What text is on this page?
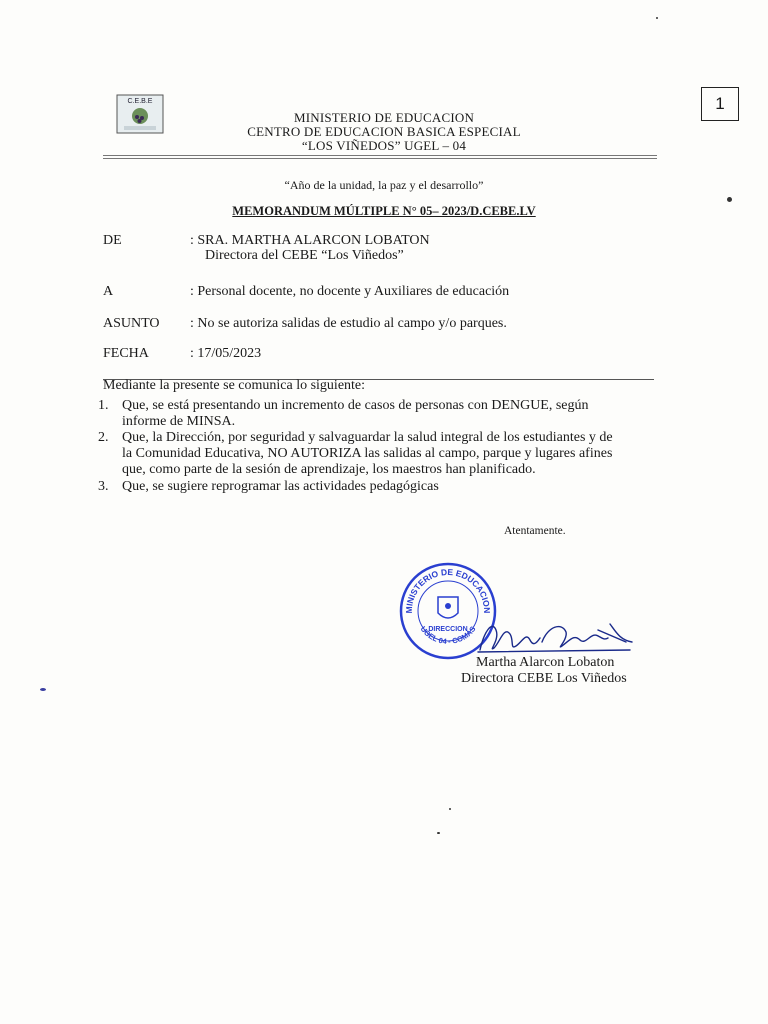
1
C.E.B.E
MINISTERIO DE EDUCACION
CENTRO DE EDUCACION BASICA ESPECIAL
“LOS VIÑEDOS” UGEL – 04
“Año de la unidad, la paz y el desarrollo”
MEMORANDUM MÚLTIPLE N° 05– 2023/D.CEBE.LV
DE	: SRA. MARTHA ALARCON LOBATON
Directora del CEBE “Los Viñedos”
A	: Personal docente, no docente y Auxiliares de educación
ASUNTO : No se autoriza salidas de estudio al campo y/o parques.
FECHA	: 17/05/2023
Mediante la presente se comunica lo siguiente:
1. Que, se está presentando un incremento de casos de personas con DENGUE, según
informe de MINSA.
2. Que, la Dirección, por seguridad y salvaguardar la salud integral de los estudiantes y de
la Comunidad Educativa, NO AUTORIZA las salidas al campo, parque y lugares afines
que, como parte de la sesión de aprendizaje, los maestros han planificado.
3. Que, se sugiere reprogramar las actividades pedagógicas
Atentamente.
MINISTERIO DE EDUCACION
UGEL 04 - COMAS
DIRECCION
Martha Alarcon Lobaton
Directora CEBE Los Viñedos
